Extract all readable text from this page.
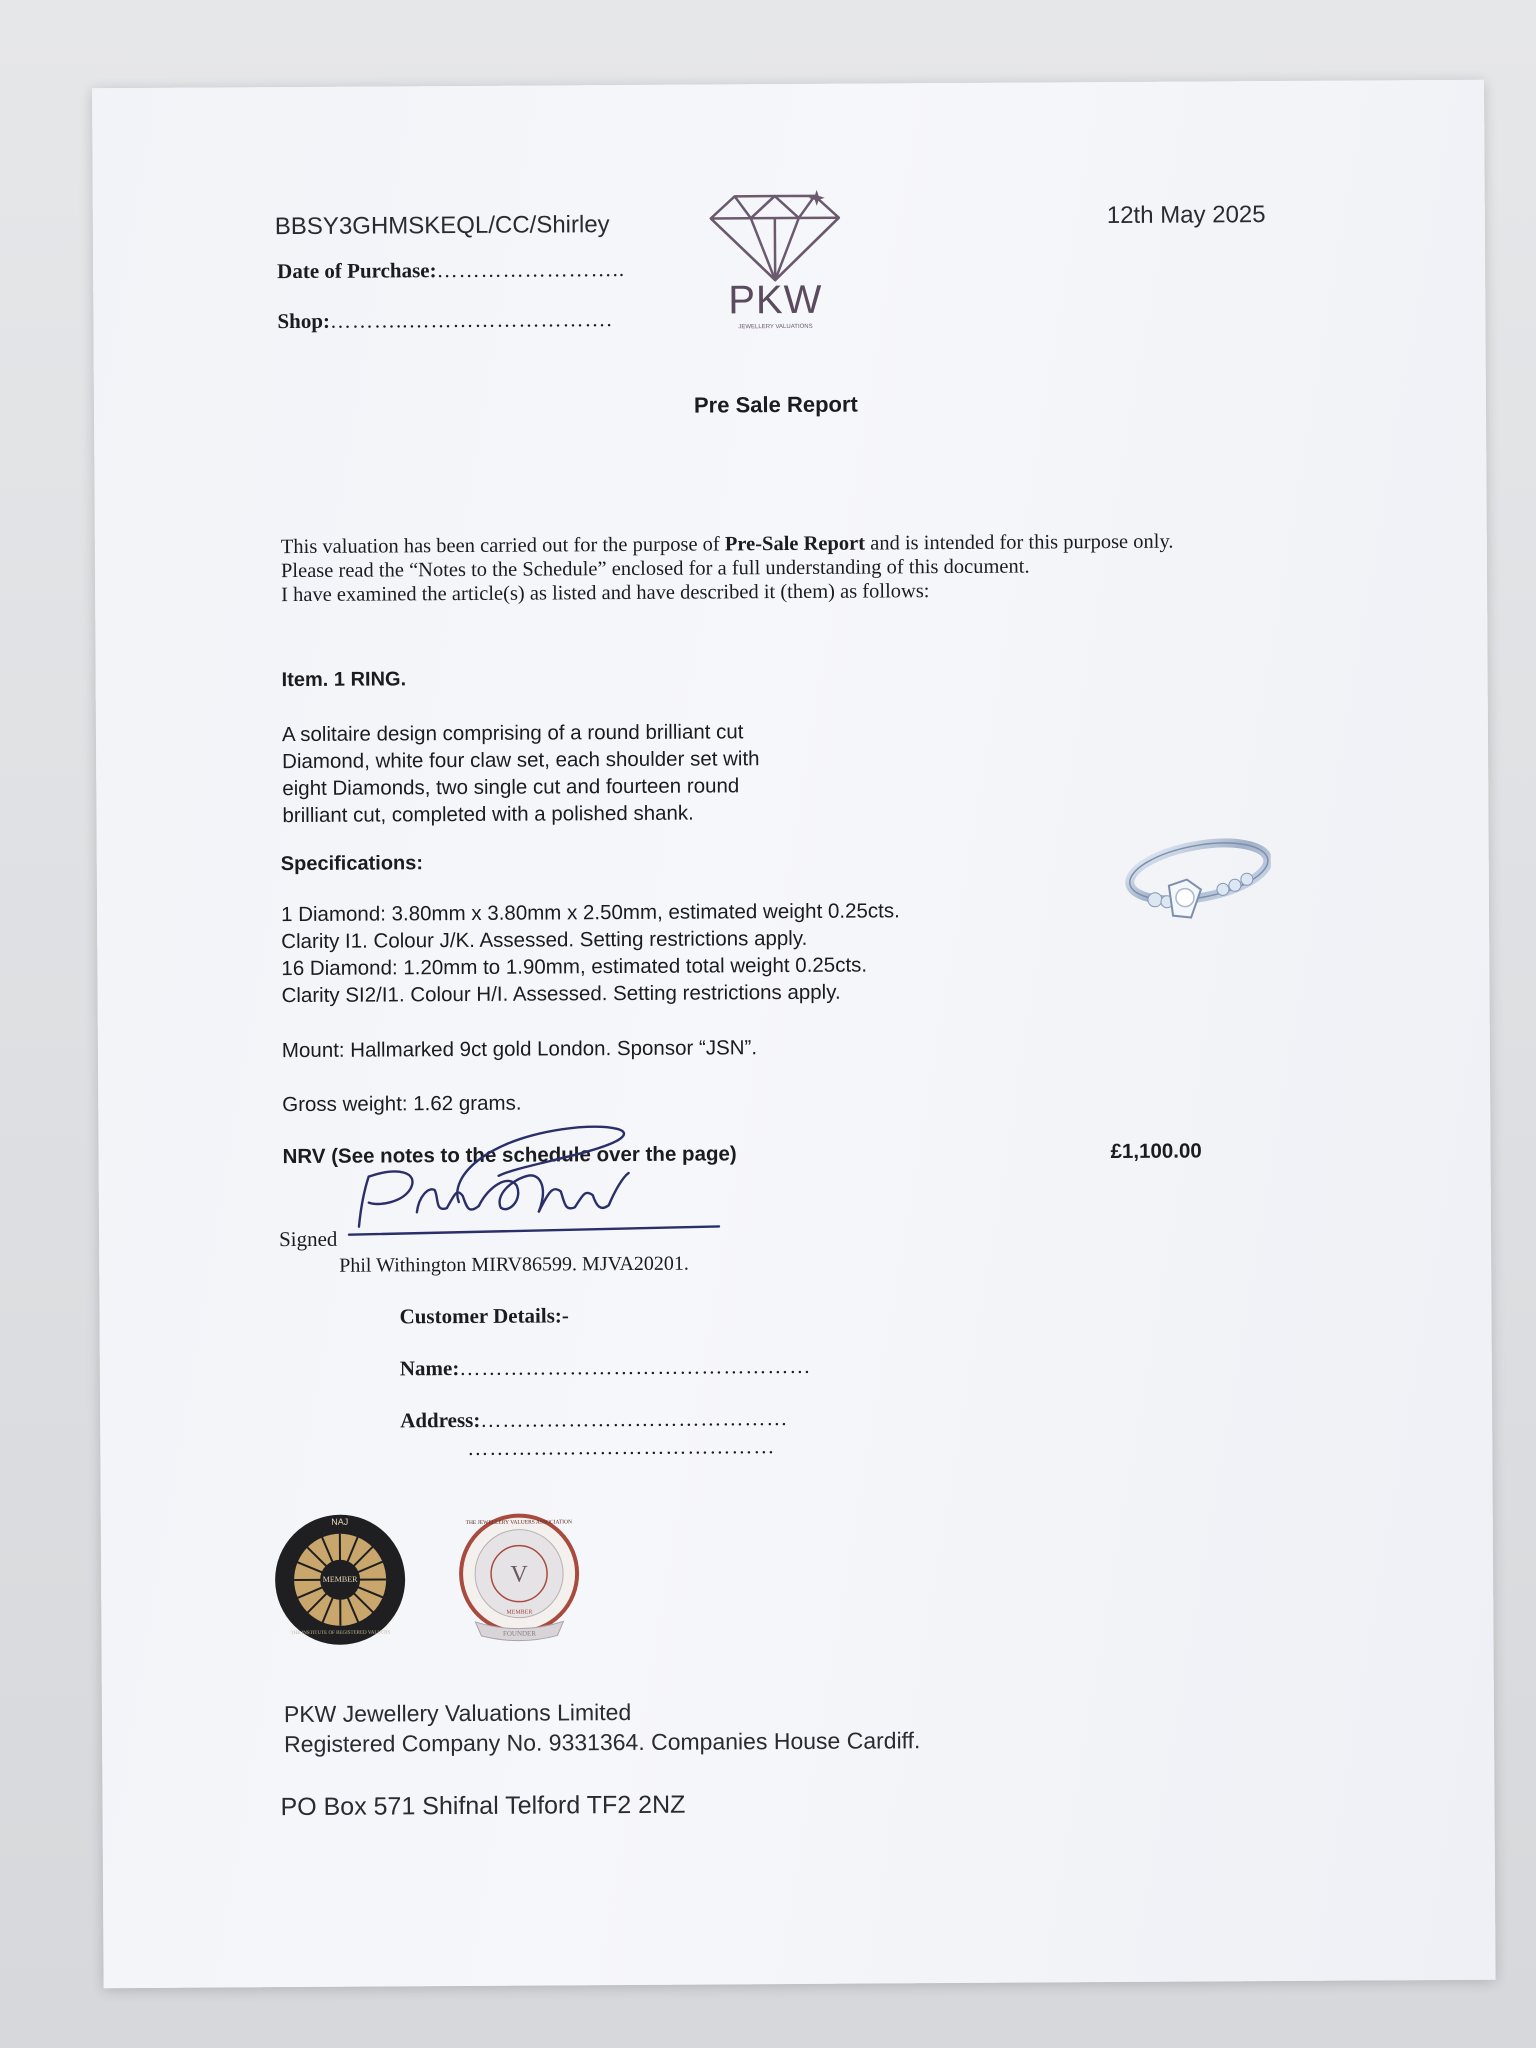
BBSY3GHMSKEQL/CC/Shirley
Date of Purchase:……………………..
Shop:………..……………………….	PKW
JEWELLERY VALUATIONS
12th May 2025
Pre Sale Report
This valuation has been carried out for the purpose of Pre-Sale Report and is intended for this purpose only.
Please read the “Notes to the Schedule” enclosed for a full understanding of this document.
I have examined the article(s) as listed and have described it (them) as follows:
Item. 1 RING.
A solitaire design comprising of a round brilliant cut
Diamond, white four claw set, each shoulder set with
eight Diamonds, two single cut and fourteen round
brilliant cut, completed with a polished shank.
Specifications:
1 Diamond: 3.80mm x 3.80mm x 2.50mm, estimated weight 0.25cts.
Clarity I1. Colour J/K. Assessed. Setting restrictions apply.
16 Diamond: 1.20mm to 1.90mm, estimated total weight 0.25cts.
Clarity SI2/I1. Colour H/I. Assessed. Setting restrictions apply.
Mount: Hallmarked 9ct gold London. Sponsor “JSN”.
Gross weight: 1.62 grams.
NRV (See notes to the schedule over the page)	£1,100.00
Signed
Phil Withington MIRV86599. MJVA20201.
Customer Details:-
Name:…………………………………………
Address:……………………………………
……………………………………
NAJ
MEMBER
THE INSTITUTE OF REGISTERED VALUERS
V
THE JEWELLERY VALUERS ASSOCIATION
MEMBER
FOUNDER
PKW Jewellery Valuations Limited
Registered Company No. 9331364. Companies House Cardiff.
PO Box 571 Shifnal Telford TF2 2NZ
